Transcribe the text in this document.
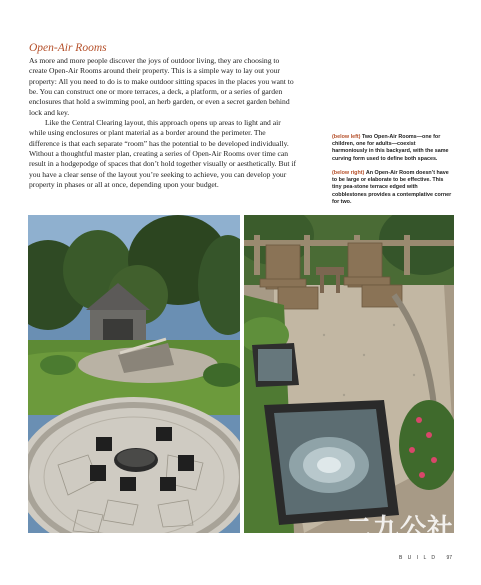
Open-Air Rooms

As more and more people discover the joys of outdoor living, they are choosing to create Open-Air Rooms around their property. This is a simple way to lay out your property: All you need to do is to make outdoor sitting spaces in the places you want to be. You can construct one or more terraces, a deck, a platform, or a series of garden enclosures that hold a swimming pool, an herb garden, or even a secret garden behind lock and key.

Like the Central Clearing layout, this approach opens up areas to light and air while using enclosures or plant material as a border around the perimeter. The difference is that each separate “room” has the potential to be developed individually. Without a thoughtful master plan, creating a series of Open-Air Rooms over time can result in a hodgepodge of spaces that don’t hold together visually or aesthetically. But if you have a clear sense of the layout you’re seeking to achieve, you can develop your property in phases or all at once, depending upon your budget.

(below left) Two Open-Air Rooms—one for children, one for adults—coexist harmoniously in this backyard, with the same curving form used to define both spaces.
(below right) An Open-Air Room doesn’t have to be large or elaborate to be effective. This tiny pea-stone terrace edged with cobblestones provides a contemplative corner for two.
二九公社
B U I L D 97
